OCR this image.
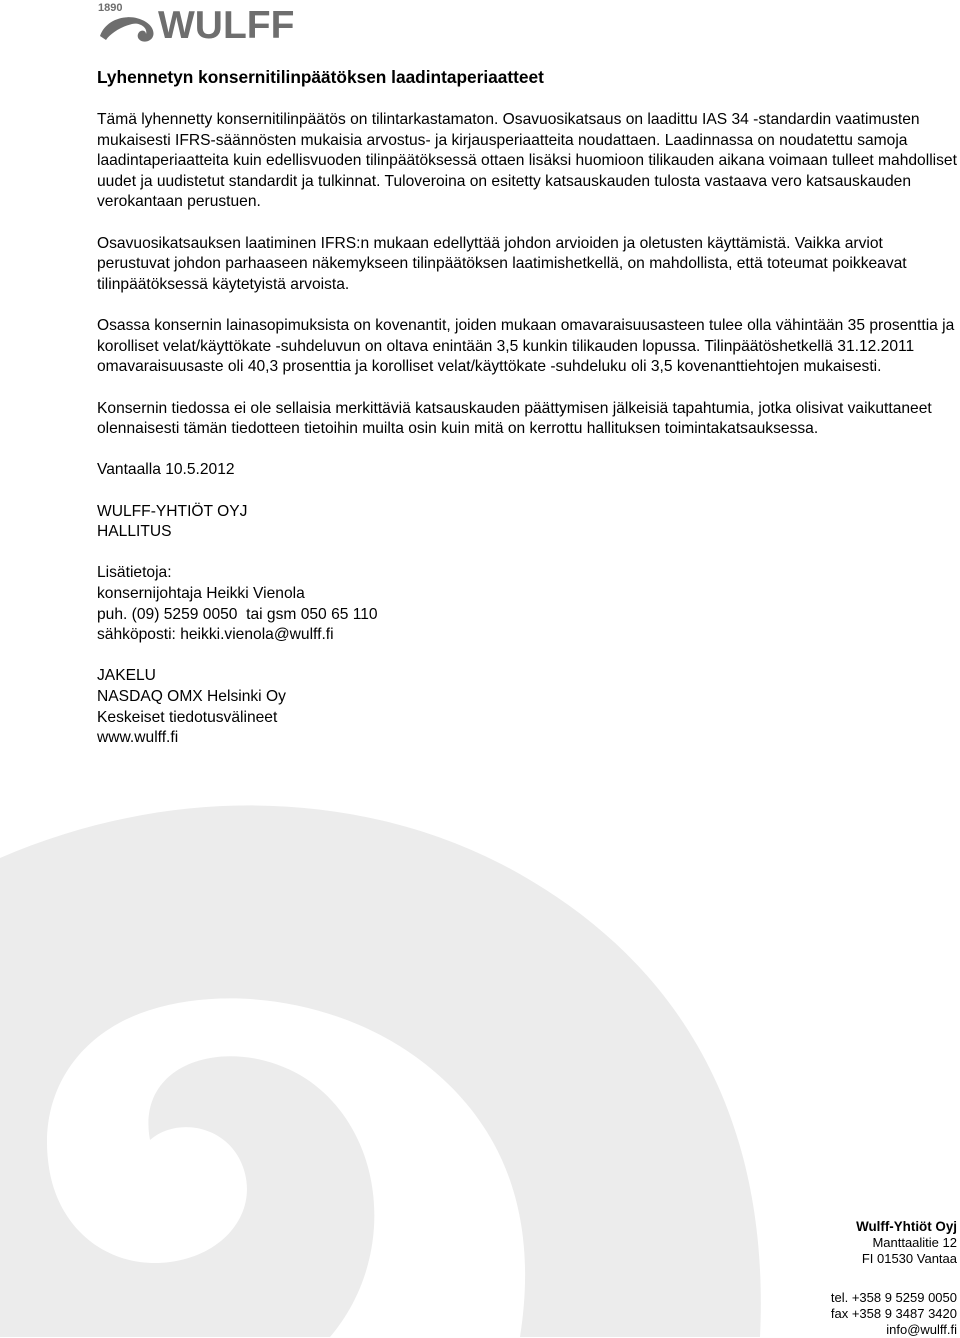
1890 WULFF
Lyhennetyn konsernitilinpäätöksen laadintaperiaatteet

Tämä lyhennetty konsernitilinpäätös on tilintarkastamaton. Osavuosikatsaus on laadittu IAS 34 -standardin vaatimusten mukaisesti IFRS-säännösten mukaisia arvostus- ja kirjausperiaatteita noudattaen. Laadinnassa on noudatettu samoja laadintaperiaatteita kuin edellisvuoden tilinpäätöksessä ottaen lisäksi huomioon tilikauden aikana voimaan tulleet mahdolliset uudet ja uudistetut standardit ja tulkinnat. Tuloveroina on esitetty katsauskauden tulosta vastaava vero katsauskauden verokantaan perustuen.

Osavuosikatsauksen laatiminen IFRS:n mukaan edellyttää johdon arvioiden ja oletusten käyttämistä. Vaikka arviot perustuvat johdon parhaaseen näkemykseen tilinpäätöksen laatimishetkellä, on mahdollista, että toteumat poikkeavat tilinpäätöksessä käytetyistä arvoista.

Osassa konsernin lainasopimuksista on kovenantit, joiden mukaan omavaraisuusasteen tulee olla vähintään 35 prosenttia ja korolliset velat/käyttökate -suhdeluvun on oltava enintään 3,5 kunkin tilikauden lopussa. Tilinpäätöshetkellä 31.12.2011 omavaraisuusaste oli 40,3 prosenttia ja korolliset velat/käyttökate -suhdeluku oli 3,5 kovenanttiehtojen mukaisesti.

Konsernin tiedossa ei ole sellaisia merkittäviä katsauskauden päättymisen jälkeisiä tapahtumia, jotka olisivat vaikuttaneet olennaisesti tämän tiedotteen tietoihin muilta osin kuin mitä on kerrottu hallituksen toimintakatsauksessa.

Vantaalla 10.5.2012
WULFF-YHTIÖT OYJ
HALLITUS
Lisätietoja:
konsernijohtaja Heikki Vienola
puh. (09) 5259 0050  tai gsm 050 65 110
sähköposti: heikki.vienola@wulff.fi
JAKELU
NASDAQ OMX Helsinki Oy
Keskeiset tiedotusvälineet
www.wulff.fi
Wulff-Yhtiöt Oyj
Manttaalitie 12
FI 01530 Vantaa
tel. +358 9 5259 0050
fax +358 9 3487 3420
info@wulff.fi
